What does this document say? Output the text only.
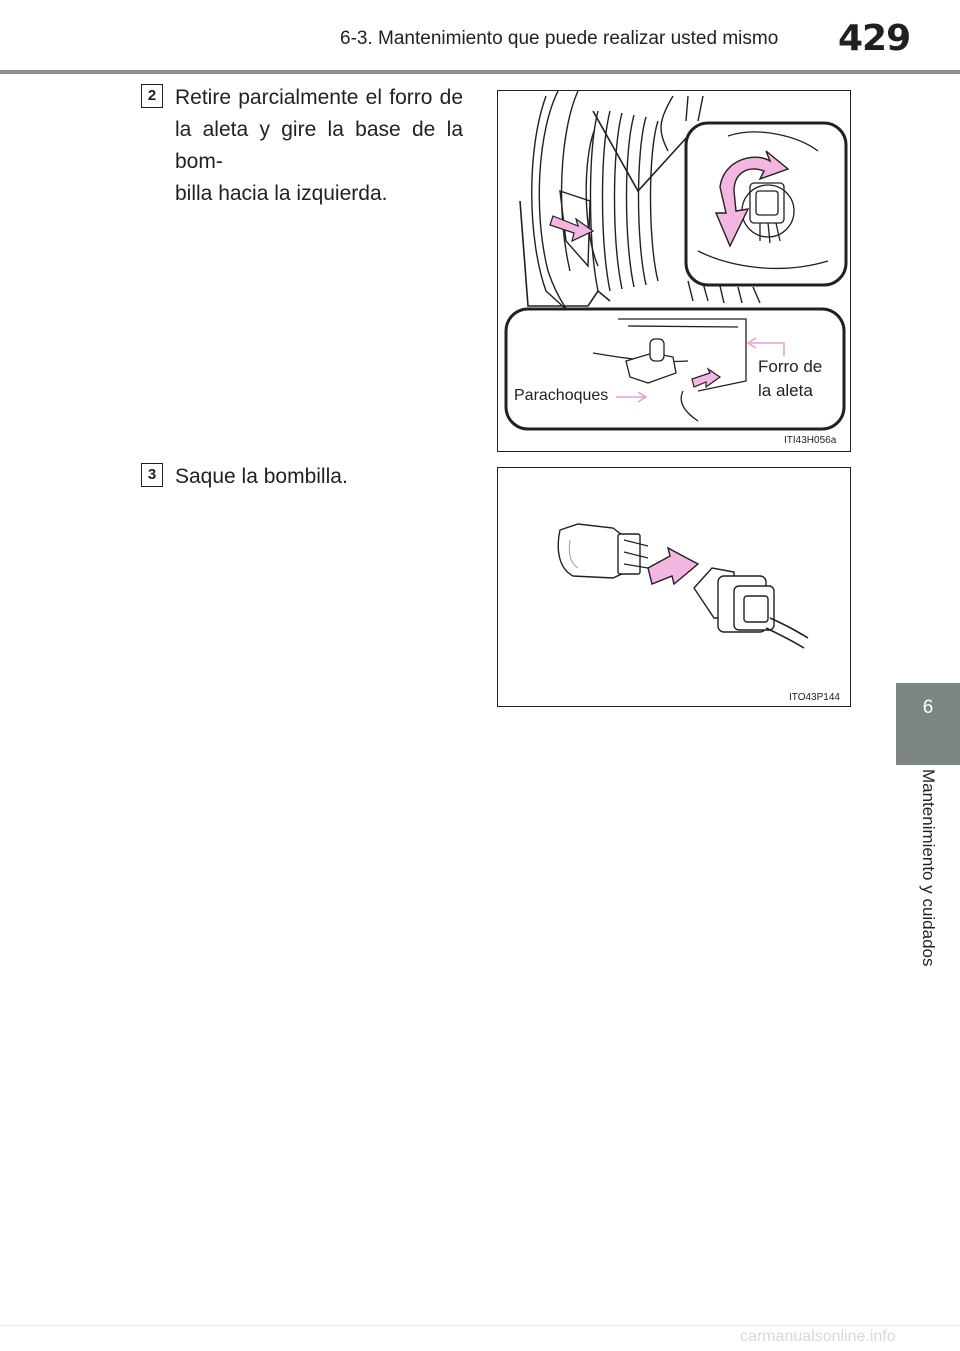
6-3. Mantenimiento que puede realizar usted mismo 429
6
Mantenimiento y cuidados
2 Retire parcialmente el forro de
la aleta y gire la base de la bom-
billa hacia la izquierda.
Parachoques
Forro de
la aleta
ITI43H056a
3 Saque la bombilla.
ITO43P144
carmanualsonline.info
